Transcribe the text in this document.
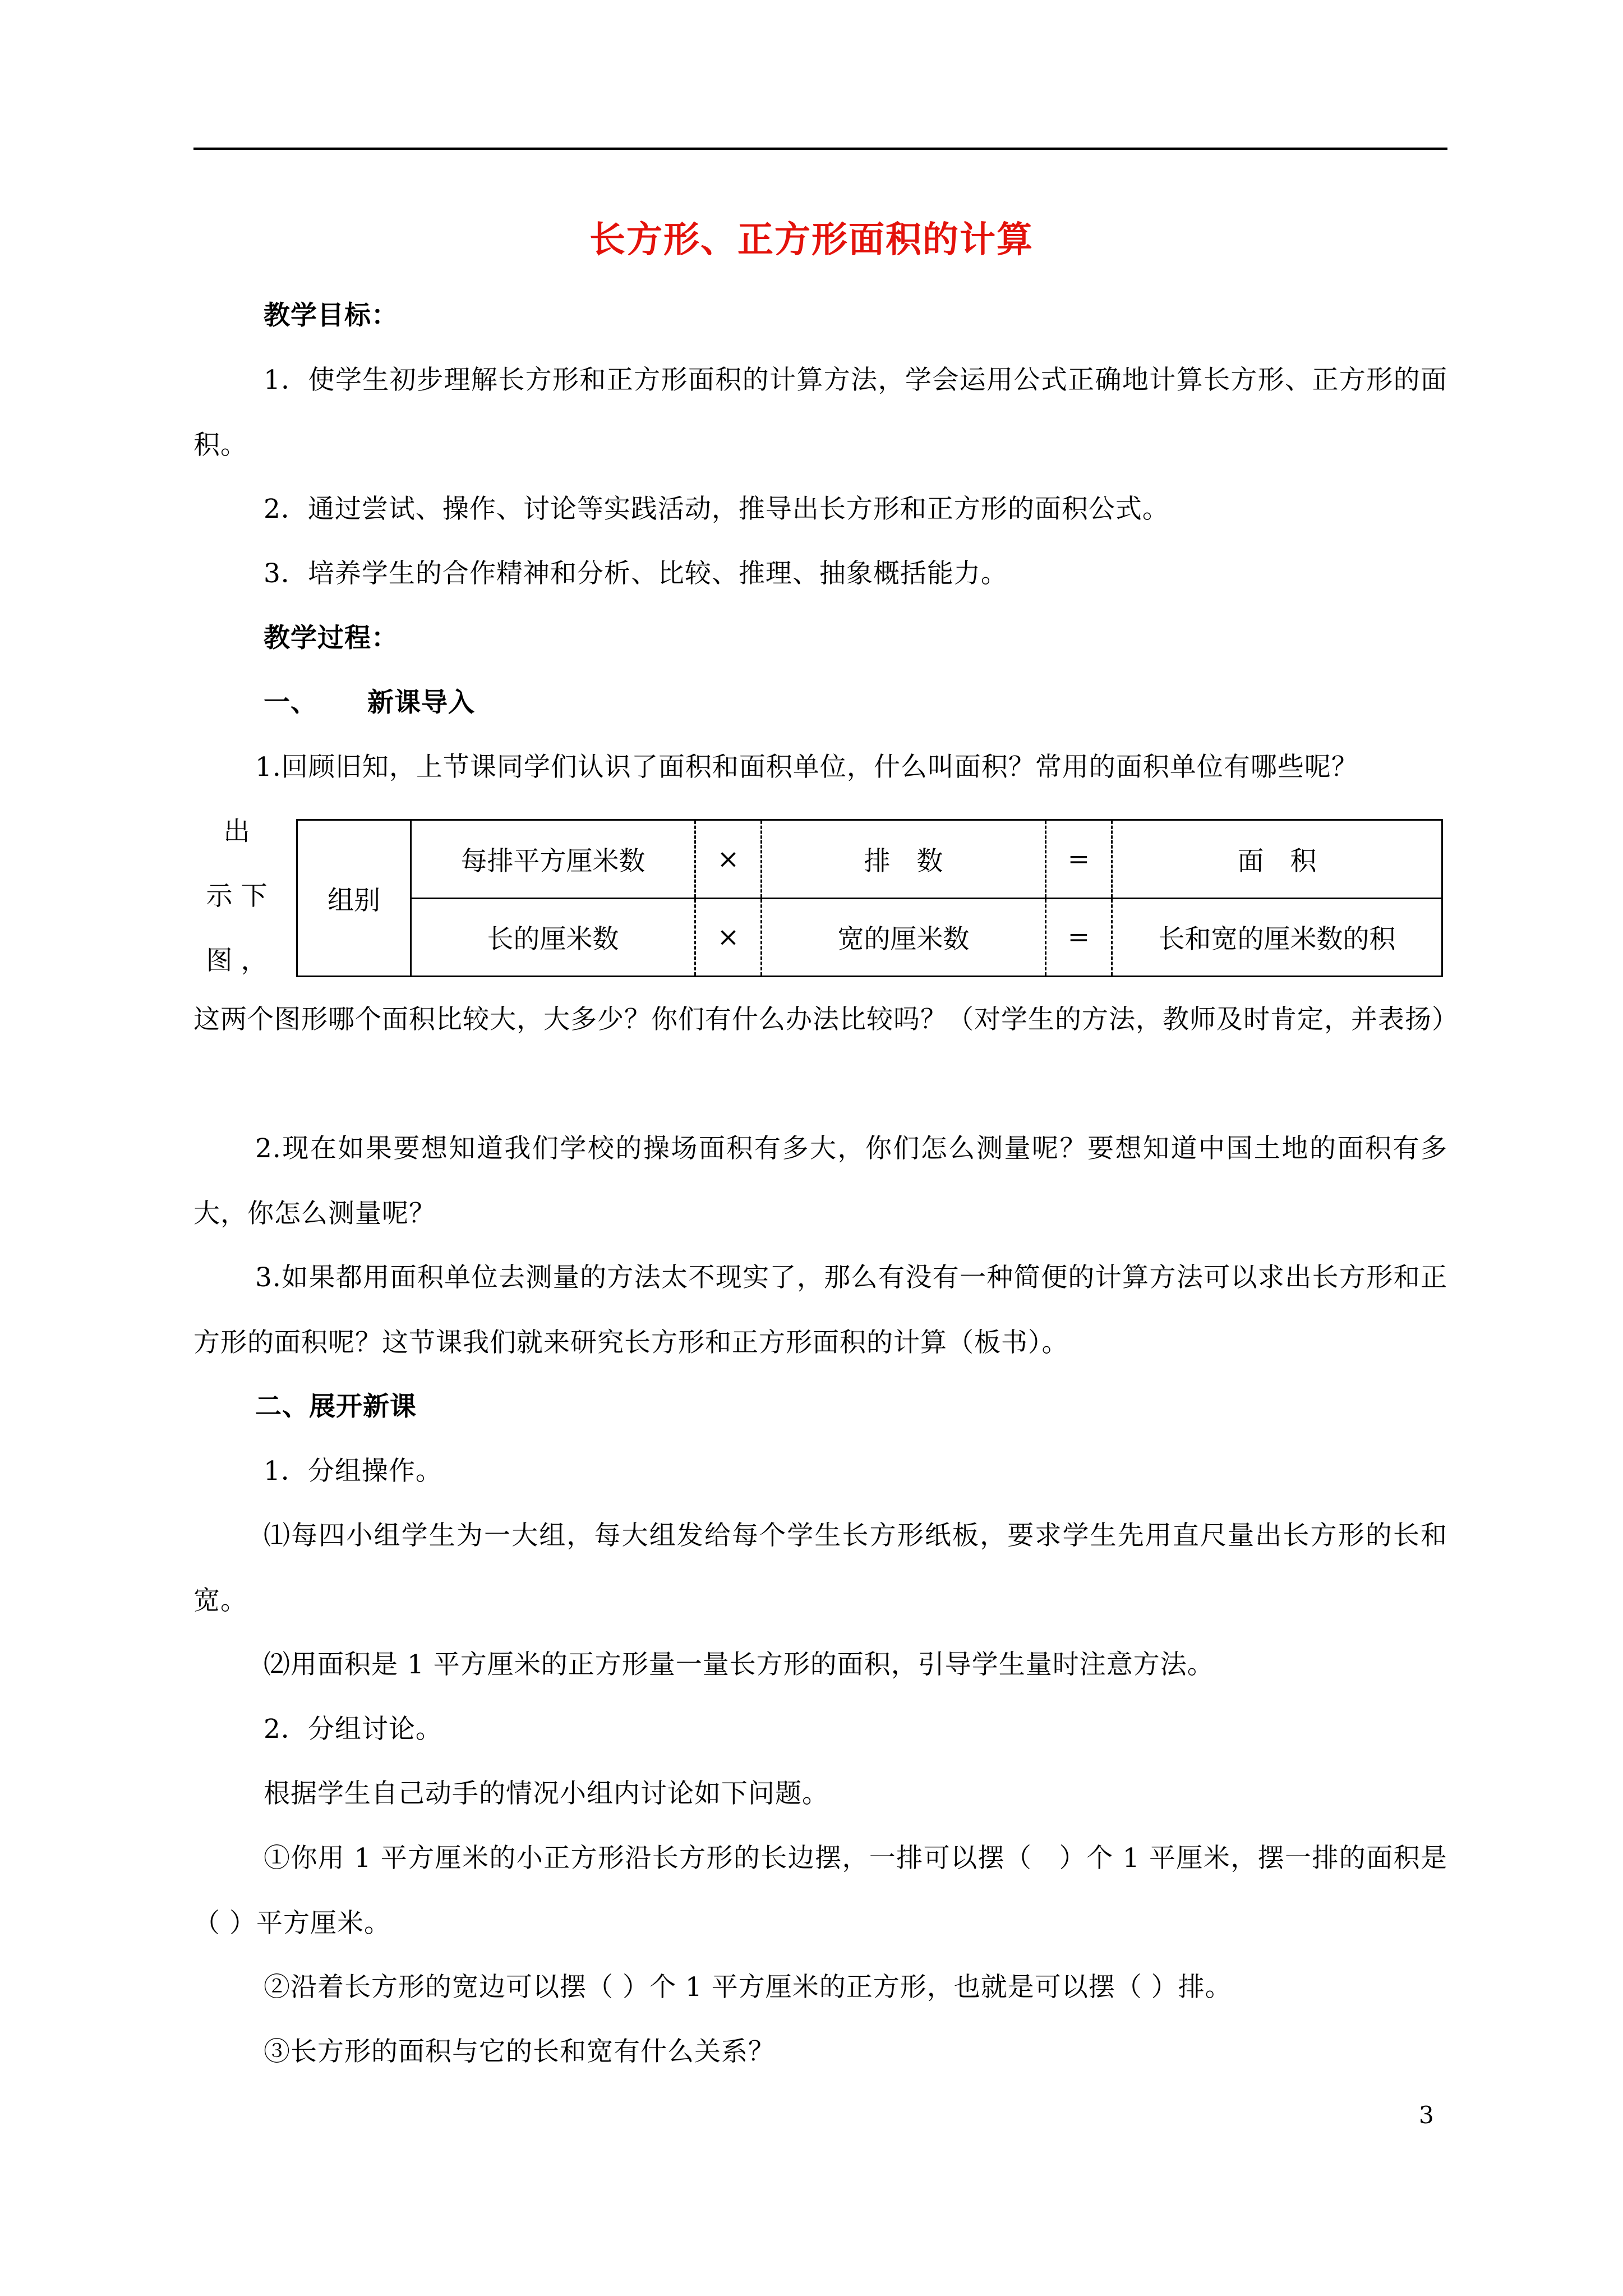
长方形、正方形面积的计算
教学目标：
1．使学生初步理解长方形和正方形面积的计算方法，学会运用公式正确地计算长方形、正方形的面积。
2．通过尝试、操作、讨论等实践活动，推导出长方形和正方形的面积公式。
3．培养学生的合作精神和分析、比较、推理、抽象概括能力。
教学过程：
一、 新课导入
1.回顾旧知，上节课同学们认识了面积和面积单位，什么叫面积？常用的面积单位有哪些呢？
出
示 下
图 ，
组别	每排平方厘米数	×	排　数	=	面　积
	长的厘米数	×	宽的厘米数	=	长和宽的厘米数的积
这两个图形哪个面积比较大，大多少？你们有什么办法比较吗？（对学生的方法，教师及时肯定，并表扬）
2.现在如果要想知道我们学校的操场面积有多大，你们怎么测量呢？要想知道中国土地的面积有多大，你怎么测量呢？
3.如果都用面积单位去测量的方法太不现实了，那么有没有一种简便的计算方法可以求出长方形和正方形的面积呢？这节课我们就来研究长方形和正方形面积的计算（板书）。
二、展开新课
1．分组操作。
⑴每四小组学生为一大组，每大组发给每个学生长方形纸板，要求学生先用直尺量出长方形的长和宽。
⑵用面积是 1 平方厘米的正方形量一量长方形的面积，引导学生量时注意方法。
2．分组讨论。
根据学生自己动手的情况小组内讨论如下问题。
①你用 1 平方厘米的小正方形沿长方形的长边摆，一排可以摆（　）个 1 平厘米，摆一排的面积是（ ）平方厘米。
②沿着长方形的宽边可以摆（ ）个 1 平方厘米的正方形，也就是可以摆（ ）排。
③长方形的面积与它的长和宽有什么关系？
3
